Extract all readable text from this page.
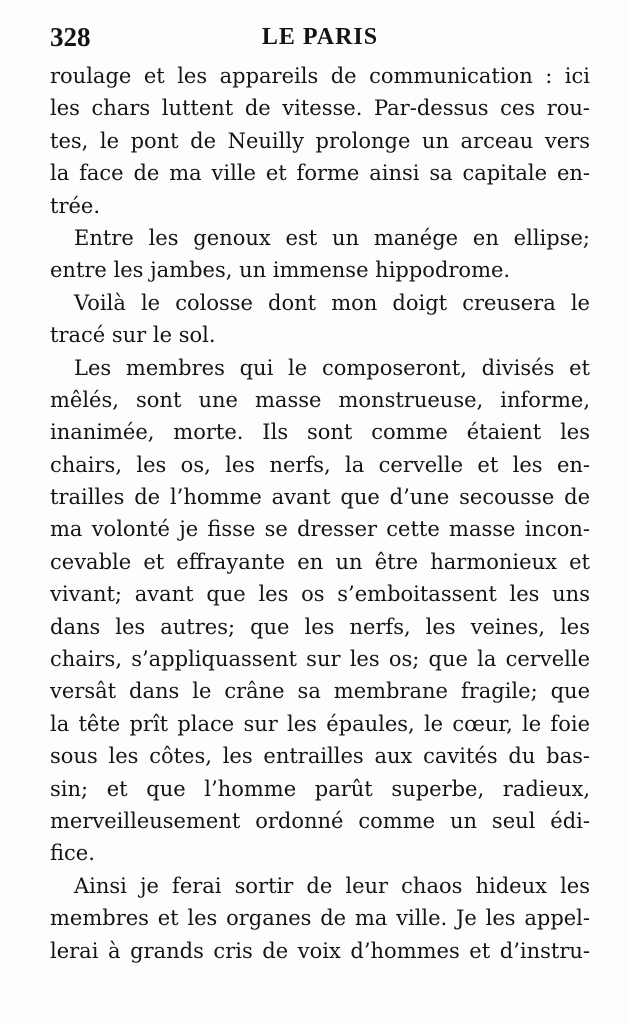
328	LE PARIS
roulage et les appareils de communication : ici
les chars luttent de vitesse. Par-dessus ces rou-
tes, le pont de Neuilly prolonge un arceau vers
la face de ma ville et forme ainsi sa capitale en-
trée.
Entre les genoux est un manége en ellipse;
entre les jambes, un immense hippodrome.
Voilà le colosse dont mon doigt creusera le
tracé sur le sol.
Les membres qui le composeront, divisés et
mêlés, sont une masse monstrueuse, informe,
inanimée, morte. Ils sont comme étaient les
chairs, les os, les nerfs, la cervelle et les en-
trailles de l’homme avant que d’une secousse de
ma volonté je fisse se dresser cette masse incon-
cevable et effrayante en un être harmonieux et
vivant; avant que les os s’emboitassent les uns
dans les autres; que les nerfs, les veines, les
chairs, s’appliquassent sur les os; que la cervelle
versât dans le crâne sa membrane fragile; que
la tête prît place sur les épaules, le cœur, le foie
sous les côtes, les entrailles aux cavités du bas-
sin; et que l’homme parût superbe, radieux,
merveilleusement ordonné comme un seul édi-
fice.
Ainsi je ferai sortir de leur chaos hideux les
membres et les organes de ma ville. Je les appel-
lerai à grands cris de voix d’hommes et d’instru-
